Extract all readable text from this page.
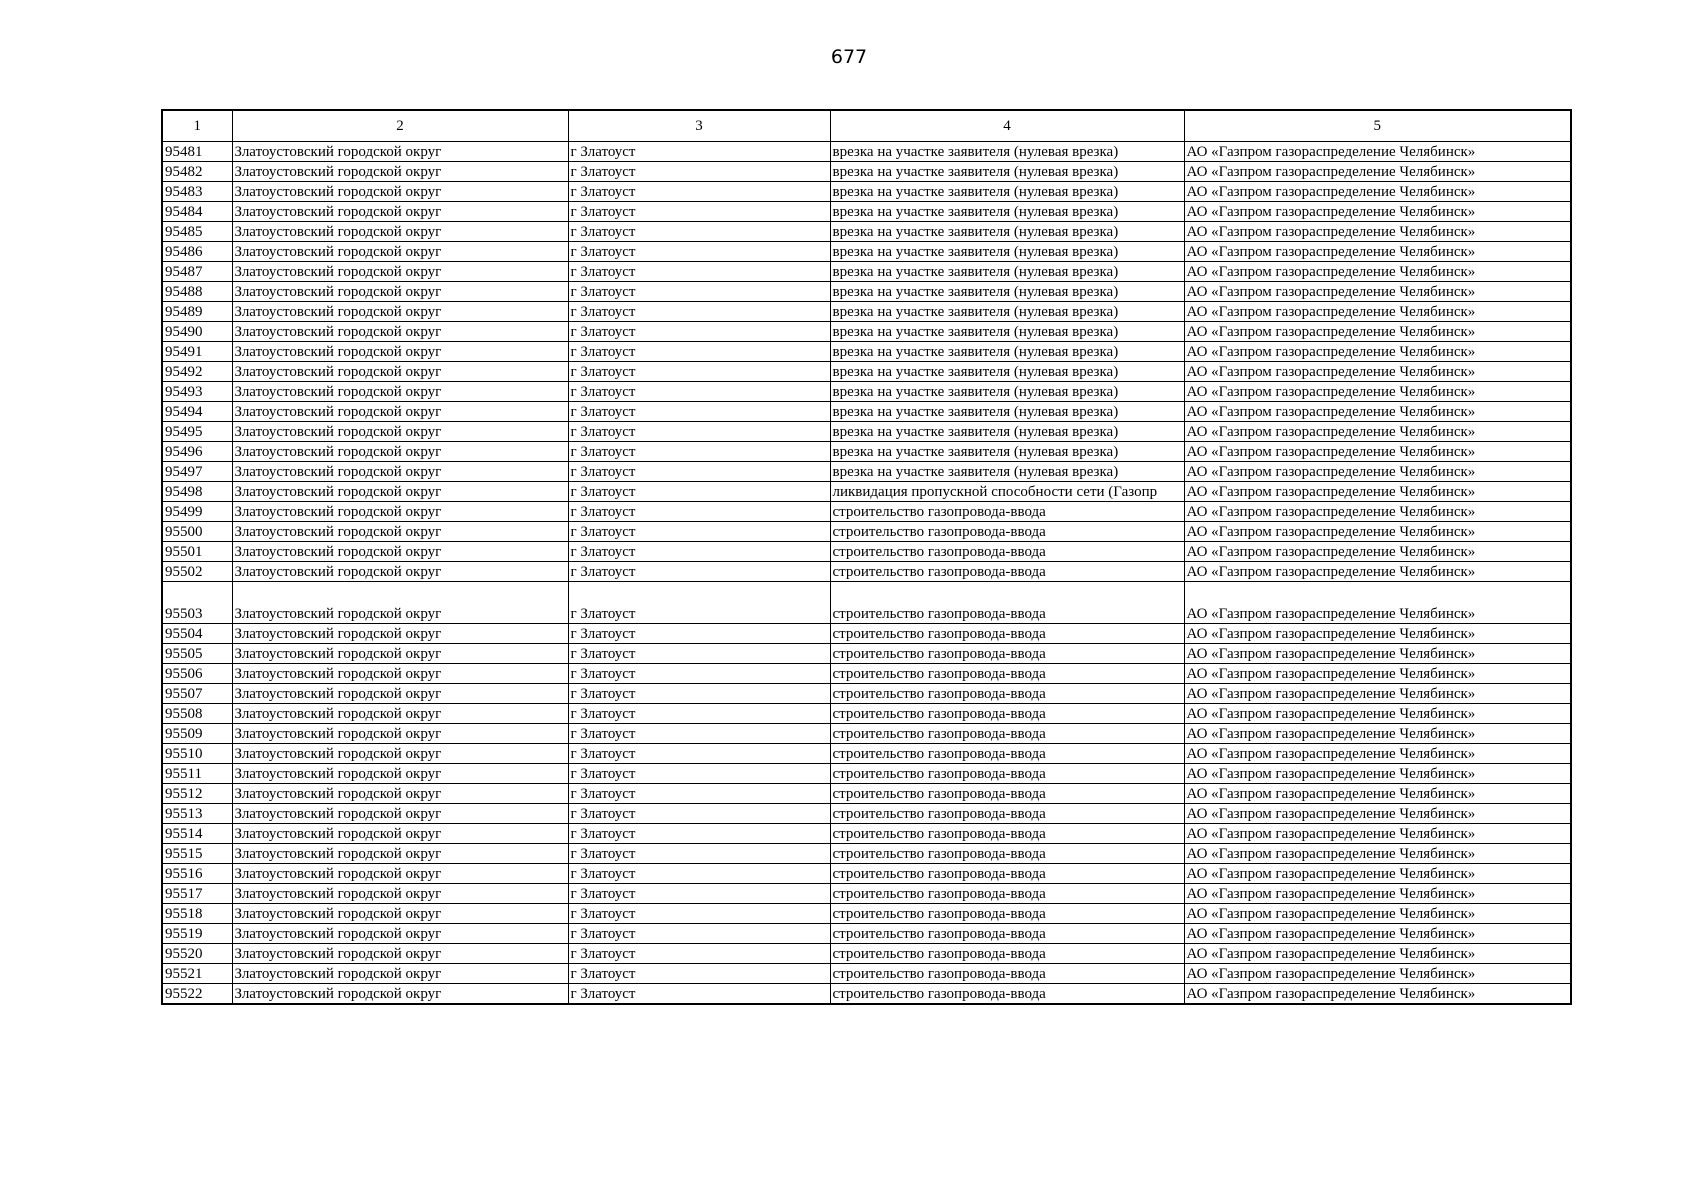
677
1	2	3	4	5
95481	Златоустовский городской округ	г Златоуст	врезка на участке заявителя (нулевая врезка)	АО «Газпром газораспределение Челябинск»
95482	Златоустовский городской округ	г Златоуст	врезка на участке заявителя (нулевая врезка)	АО «Газпром газораспределение Челябинск»
95483	Златоустовский городской округ	г Златоуст	врезка на участке заявителя (нулевая врезка)	АО «Газпром газораспределение Челябинск»
95484	Златоустовский городской округ	г Златоуст	врезка на участке заявителя (нулевая врезка)	АО «Газпром газораспределение Челябинск»
95485	Златоустовский городской округ	г Златоуст	врезка на участке заявителя (нулевая врезка)	АО «Газпром газораспределение Челябинск»
95486	Златоустовский городской округ	г Златоуст	врезка на участке заявителя (нулевая врезка)	АО «Газпром газораспределение Челябинск»
95487	Златоустовский городской округ	г Златоуст	врезка на участке заявителя (нулевая врезка)	АО «Газпром газораспределение Челябинск»
95488	Златоустовский городской округ	г Златоуст	врезка на участке заявителя (нулевая врезка)	АО «Газпром газораспределение Челябинск»
95489	Златоустовский городской округ	г Златоуст	врезка на участке заявителя (нулевая врезка)	АО «Газпром газораспределение Челябинск»
95490	Златоустовский городской округ	г Златоуст	врезка на участке заявителя (нулевая врезка)	АО «Газпром газораспределение Челябинск»
95491	Златоустовский городской округ	г Златоуст	врезка на участке заявителя (нулевая врезка)	АО «Газпром газораспределение Челябинск»
95492	Златоустовский городской округ	г Златоуст	врезка на участке заявителя (нулевая врезка)	АО «Газпром газораспределение Челябинск»
95493	Златоустовский городской округ	г Златоуст	врезка на участке заявителя (нулевая врезка)	АО «Газпром газораспределение Челябинск»
95494	Златоустовский городской округ	г Златоуст	врезка на участке заявителя (нулевая врезка)	АО «Газпром газораспределение Челябинск»
95495	Златоустовский городской округ	г Златоуст	врезка на участке заявителя (нулевая врезка)	АО «Газпром газораспределение Челябинск»
95496	Златоустовский городской округ	г Златоуст	врезка на участке заявителя (нулевая врезка)	АО «Газпром газораспределение Челябинск»
95497	Златоустовский городской округ	г Златоуст	врезка на участке заявителя (нулевая врезка)	АО «Газпром газораспределение Челябинск»
95498	Златоустовский городской округ	г Златоуст	ликвидация пропускной способности сети (Газопр	АО «Газпром газораспределение Челябинск»
95499	Златоустовский городской округ	г Златоуст	строительство газопровода-ввода	АО «Газпром газораспределение Челябинск»
95500	Златоустовский городской округ	г Златоуст	строительство газопровода-ввода	АО «Газпром газораспределение Челябинск»
95501	Златоустовский городской округ	г Златоуст	строительство газопровода-ввода	АО «Газпром газораспределение Челябинск»
95502	Златоустовский городской округ	г Златоуст	строительство газопровода-ввода	АО «Газпром газораспределение Челябинск»
95503	Златоустовский городской округ	г Златоуст	строительство газопровода-ввода	АО «Газпром газораспределение Челябинск»
95504	Златоустовский городской округ	г Златоуст	строительство газопровода-ввода	АО «Газпром газораспределение Челябинск»
95505	Златоустовский городской округ	г Златоуст	строительство газопровода-ввода	АО «Газпром газораспределение Челябинск»
95506	Златоустовский городской округ	г Златоуст	строительство газопровода-ввода	АО «Газпром газораспределение Челябинск»
95507	Златоустовский городской округ	г Златоуст	строительство газопровода-ввода	АО «Газпром газораспределение Челябинск»
95508	Златоустовский городской округ	г Златоуст	строительство газопровода-ввода	АО «Газпром газораспределение Челябинск»
95509	Златоустовский городской округ	г Златоуст	строительство газопровода-ввода	АО «Газпром газораспределение Челябинск»
95510	Златоустовский городской округ	г Златоуст	строительство газопровода-ввода	АО «Газпром газораспределение Челябинск»
95511	Златоустовский городской округ	г Златоуст	строительство газопровода-ввода	АО «Газпром газораспределение Челябинск»
95512	Златоустовский городской округ	г Златоуст	строительство газопровода-ввода	АО «Газпром газораспределение Челябинск»
95513	Златоустовский городской округ	г Златоуст	строительство газопровода-ввода	АО «Газпром газораспределение Челябинск»
95514	Златоустовский городской округ	г Златоуст	строительство газопровода-ввода	АО «Газпром газораспределение Челябинск»
95515	Златоустовский городской округ	г Златоуст	строительство газопровода-ввода	АО «Газпром газораспределение Челябинск»
95516	Златоустовский городской округ	г Златоуст	строительство газопровода-ввода	АО «Газпром газораспределение Челябинск»
95517	Златоустовский городской округ	г Златоуст	строительство газопровода-ввода	АО «Газпром газораспределение Челябинск»
95518	Златоустовский городской округ	г Златоуст	строительство газопровода-ввода	АО «Газпром газораспределение Челябинск»
95519	Златоустовский городской округ	г Златоуст	строительство газопровода-ввода	АО «Газпром газораспределение Челябинск»
95520	Златоустовский городской округ	г Златоуст	строительство газопровода-ввода	АО «Газпром газораспределение Челябинск»
95521	Златоустовский городской округ	г Златоуст	строительство газопровода-ввода	АО «Газпром газораспределение Челябинск»
95522	Златоустовский городской округ	г Златоуст	строительство газопровода-ввода	АО «Газпром газораспределение Челябинск»
